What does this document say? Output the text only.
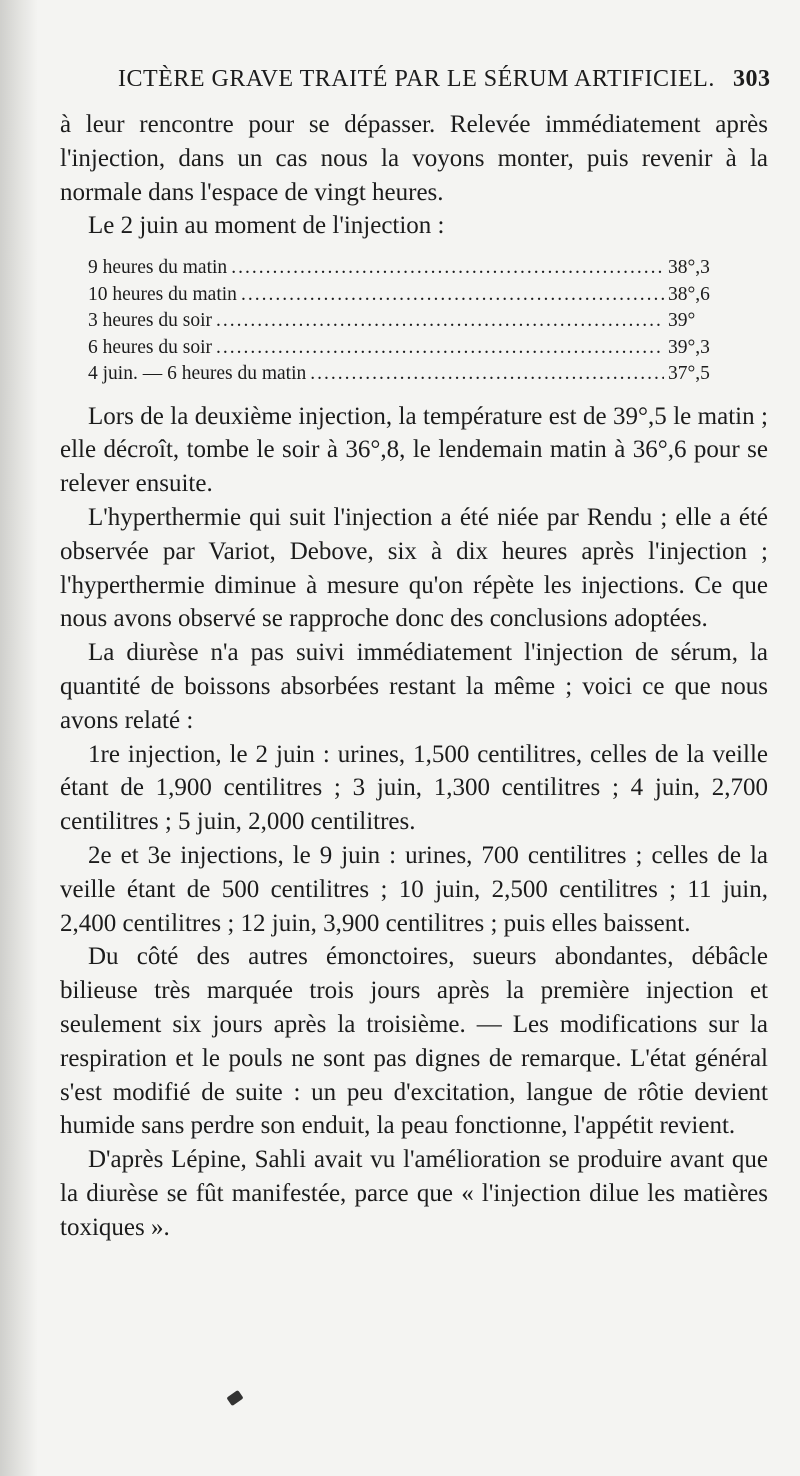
ICTÈRE GRAVE TRAITÉ PAR LE SÉRUM ARTIFICIEL. 303

à leur rencontre pour se dépasser. Relevée immédiatement après l'injection, dans un cas nous la voyons monter, puis revenir à la normale dans l'espace de vingt heures.

Le 2 juin au moment de l'injection :

9 heures du matin .....	38°,3
10 heures du matin .....	38°,6
3 heures du soir .....	39°
6 heures du soir .....	39°,3
4 juin. — 6 heures du matin .....	37°,5

Lors de la deuxième injection, la température est de 39°,5 le matin ; elle décroît, tombe le soir à 36°,8, le lendemain matin à 36°,6 pour se relever ensuite.

L'hyperthermie qui suit l'injection a été niée par Rendu ; elle a été observée par Variot, Debove, six à dix heures après l'injection ; l'hyperthermie diminue à mesure qu'on répète les injections. Ce que nous avons observé se rapproche donc des conclusions adoptées.

La diurèse n'a pas suivi immédiatement l'injection de sérum, la quantité de boissons absorbées restant la même ; voici ce que nous avons relaté :

1re injection, le 2 juin : urines, 1,500 centilitres, celles de la veille étant de 1,900 centilitres ; 3 juin, 1,300 centilitres ; 4 juin, 2,700 centilitres ; 5 juin, 2,000 centilitres.

2e et 3e injections, le 9 juin : urines, 700 centilitres ; celles de la veille étant de 500 centilitres ; 10 juin, 2,500 centilitres ; 11 juin, 2,400 centilitres ; 12 juin, 3,900 centilitres ; puis elles baissent.

Du côté des autres émonctoires, sueurs abondantes, débâcle bilieuse très marquée trois jours après la première injection et seulement six jours après la troisième. — Les modifications sur la respiration et le pouls ne sont pas dignes de remarque. L'état général s'est modifié de suite : un peu d'excitation, langue de rôtie devient humide sans perdre son enduit, la peau fonctionne, l'appétit revient.

D'après Lépine, Sahli avait vu l'amélioration se produire avant que la diurèse se fût manifestée, parce que « l'injection dilue les matières toxiques ».
